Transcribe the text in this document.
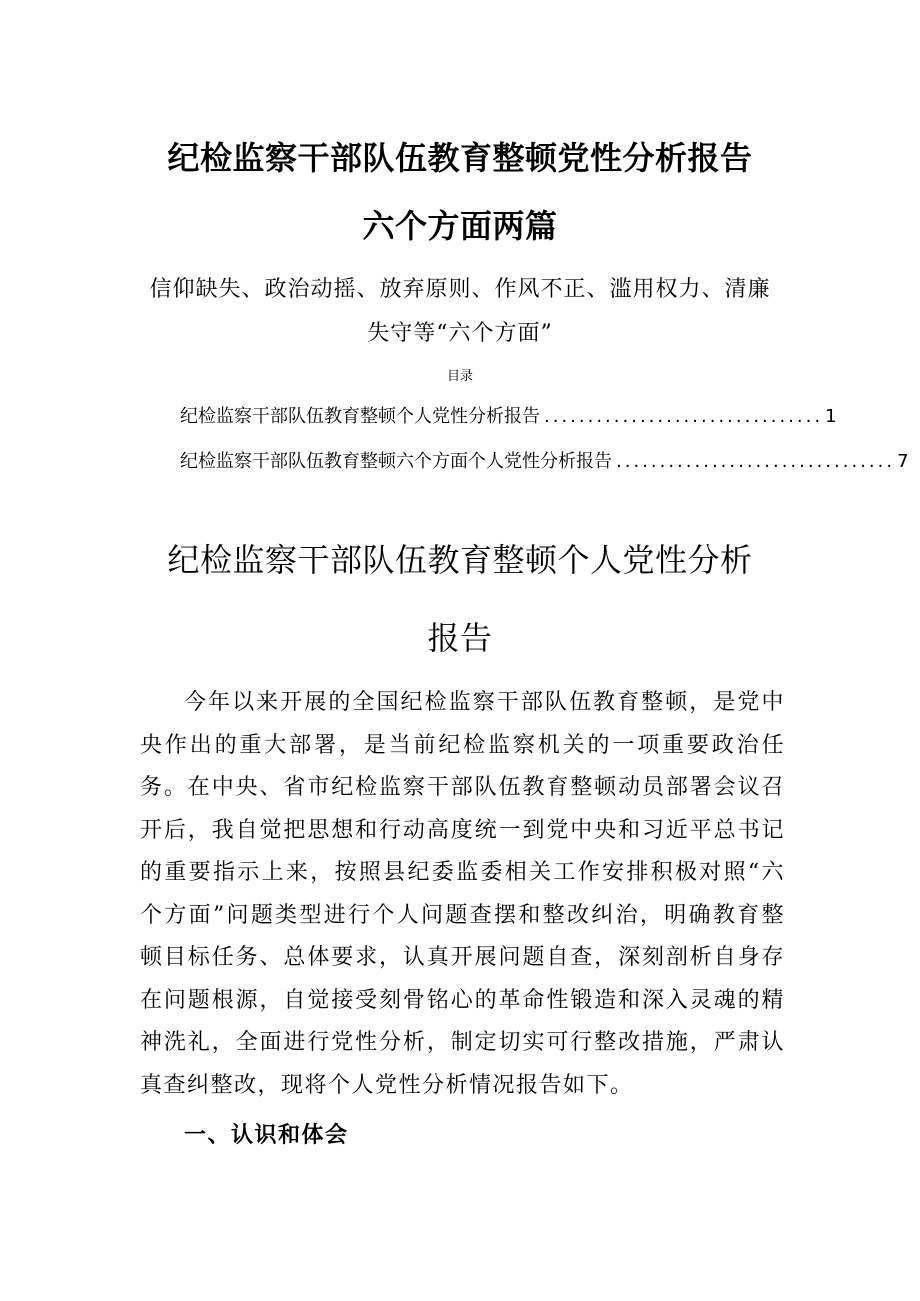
纪检监察干部队伍教育整顿党性分析报告
六个方面两篇
信仰缺失、政治动摇、放弃原则、作风不正、滥用权力、清廉失守等“六个方面”
目录
纪检监察干部队伍教育整顿个人党性分析报告 ................................ 1
纪检监察干部队伍教育整顿六个方面个人党性分析报告 ................................ 7
纪检监察干部队伍教育整顿个人党性分析
报告

今年以来开展的全国纪检监察干部队伍教育整顿，是党中央作出的重大部署，是当前纪检监察机关的一项重要政治任务。在中央、省市纪检监察干部队伍教育整顿动员部署会议召开后，我自觉把思想和行动高度统一到党中央和习近平总书记的重要指示上来，按照县纪委监委相关工作安排积极对照“六个方面”问题类型进行个人问题查摆和整改纠治，明确教育整顿目标任务、总体要求，认真开展问题自查，深刻剖析自身存在问题根源，自觉接受刻骨铭心的革命性锻造和深入灵魂的精神洗礼，全面进行党性分析，制定切实可行整改措施，严肃认真查纠整改，现将个人党性分析情况报告如下。

一、认识和体会
